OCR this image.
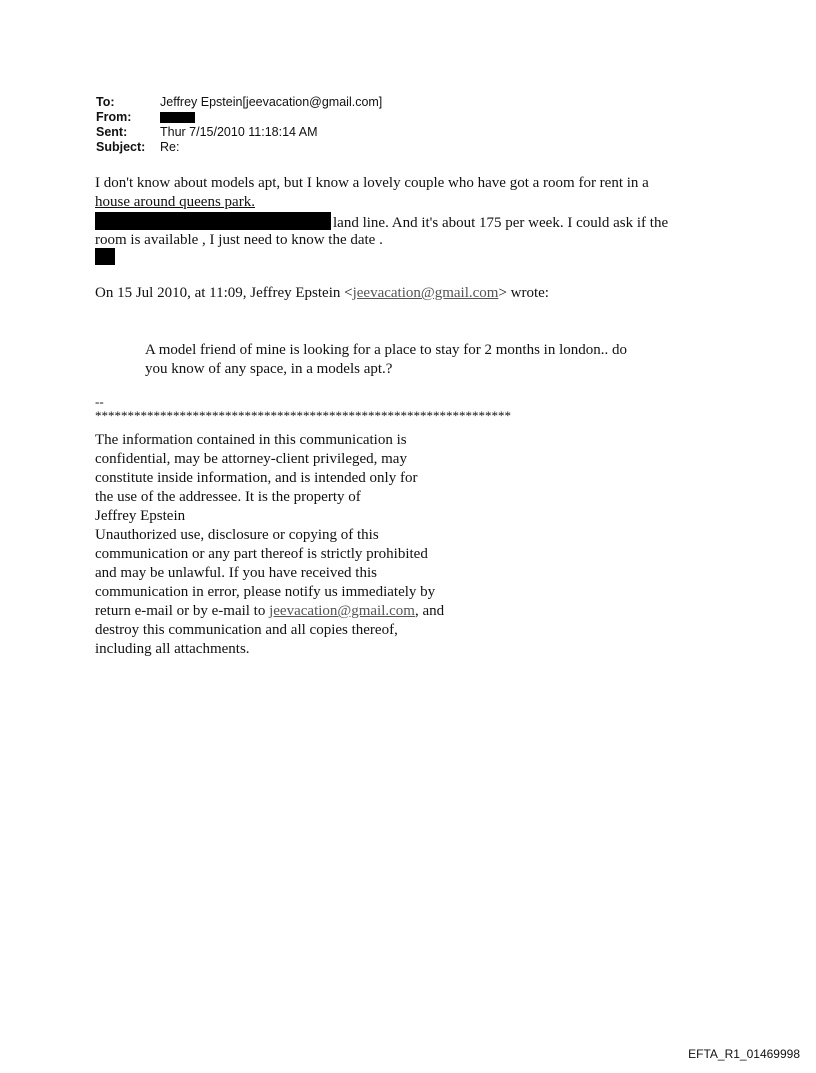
To:	Jeffrey Epstein[jeevacation@gmail.com]
From:
Sent:	Thur 7/15/2010 11:18:14 AM
Subject:	Re:
I don't know about models apt, but I know a lovely couple who have got a room for rent in a
house around queens park.
land line. And it's about 175 per week. I could ask if the
room is available , I just need to know the date .
On 15 Jul 2010, at 11:09, Jeffrey Epstein <jeevacation@gmail.com> wrote:
A model friend of mine is looking for a place to stay for 2 months in london.. do
you know of any space, in a models apt.?
--
****************************************************************
The information contained in this communication is
confidential, may be attorney-client privileged, may
constitute inside information, and is intended only for
the use of the addressee. It is the property of
Jeffrey Epstein
Unauthorized use, disclosure or copying of this
communication or any part thereof is strictly prohibited
and may be unlawful. If you have received this
communication in error, please notify us immediately by
return e-mail or by e-mail to jeevacation@gmail.com, and
destroy this communication and all copies thereof,
including all attachments.
EFTA_R1_01469998
